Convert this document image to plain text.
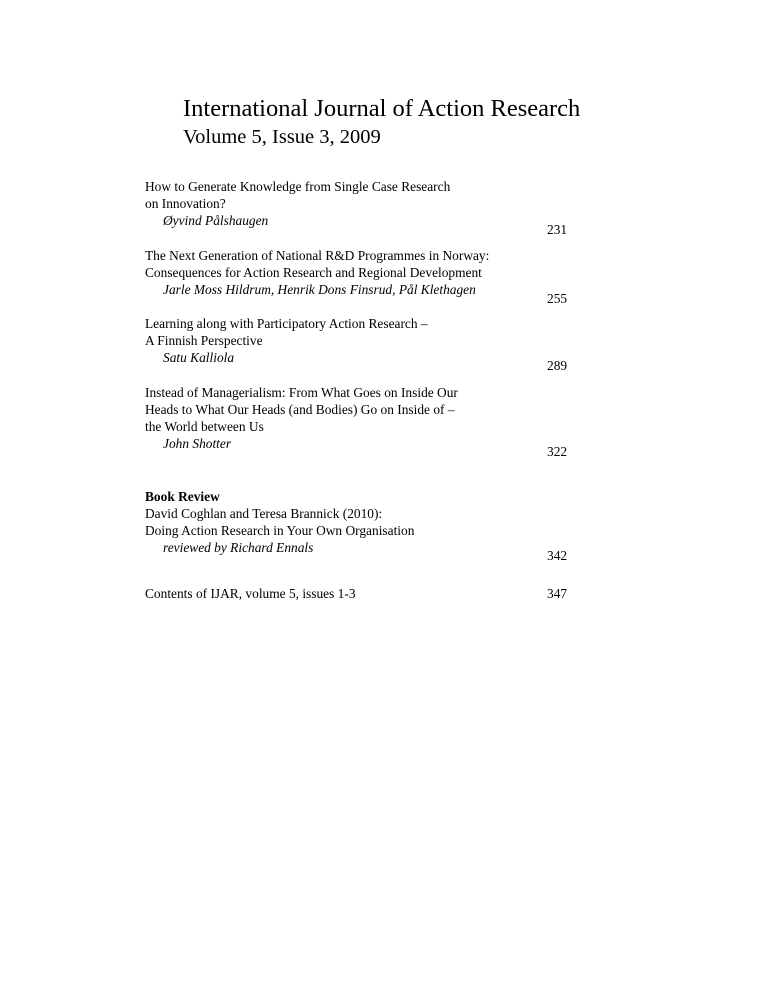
International Journal of Action Research
Volume 5, Issue 3, 2009
How to Generate Knowledge from Single Case Research
on Innovation?
Øyvind Pålshaugen
231
The Next Generation of National R&D Programmes in Norway:
Consequences for Action Research and Regional Development
Jarle Moss Hildrum, Henrik Dons Finsrud, Pål Klethagen
255
Learning along with Participatory Action Research –
A Finnish Perspective
Satu Kalliola
289
Instead of Managerialism: From What Goes on Inside Our
Heads to What Our Heads (and Bodies) Go on Inside of –
the World between Us
John Shotter
322
Book Review
David Coghlan and Teresa Brannick (2010):
Doing Action Research in Your Own Organisation
reviewed by Richard Ennals
342
Contents of IJAR, volume 5, issues 1-3	347
